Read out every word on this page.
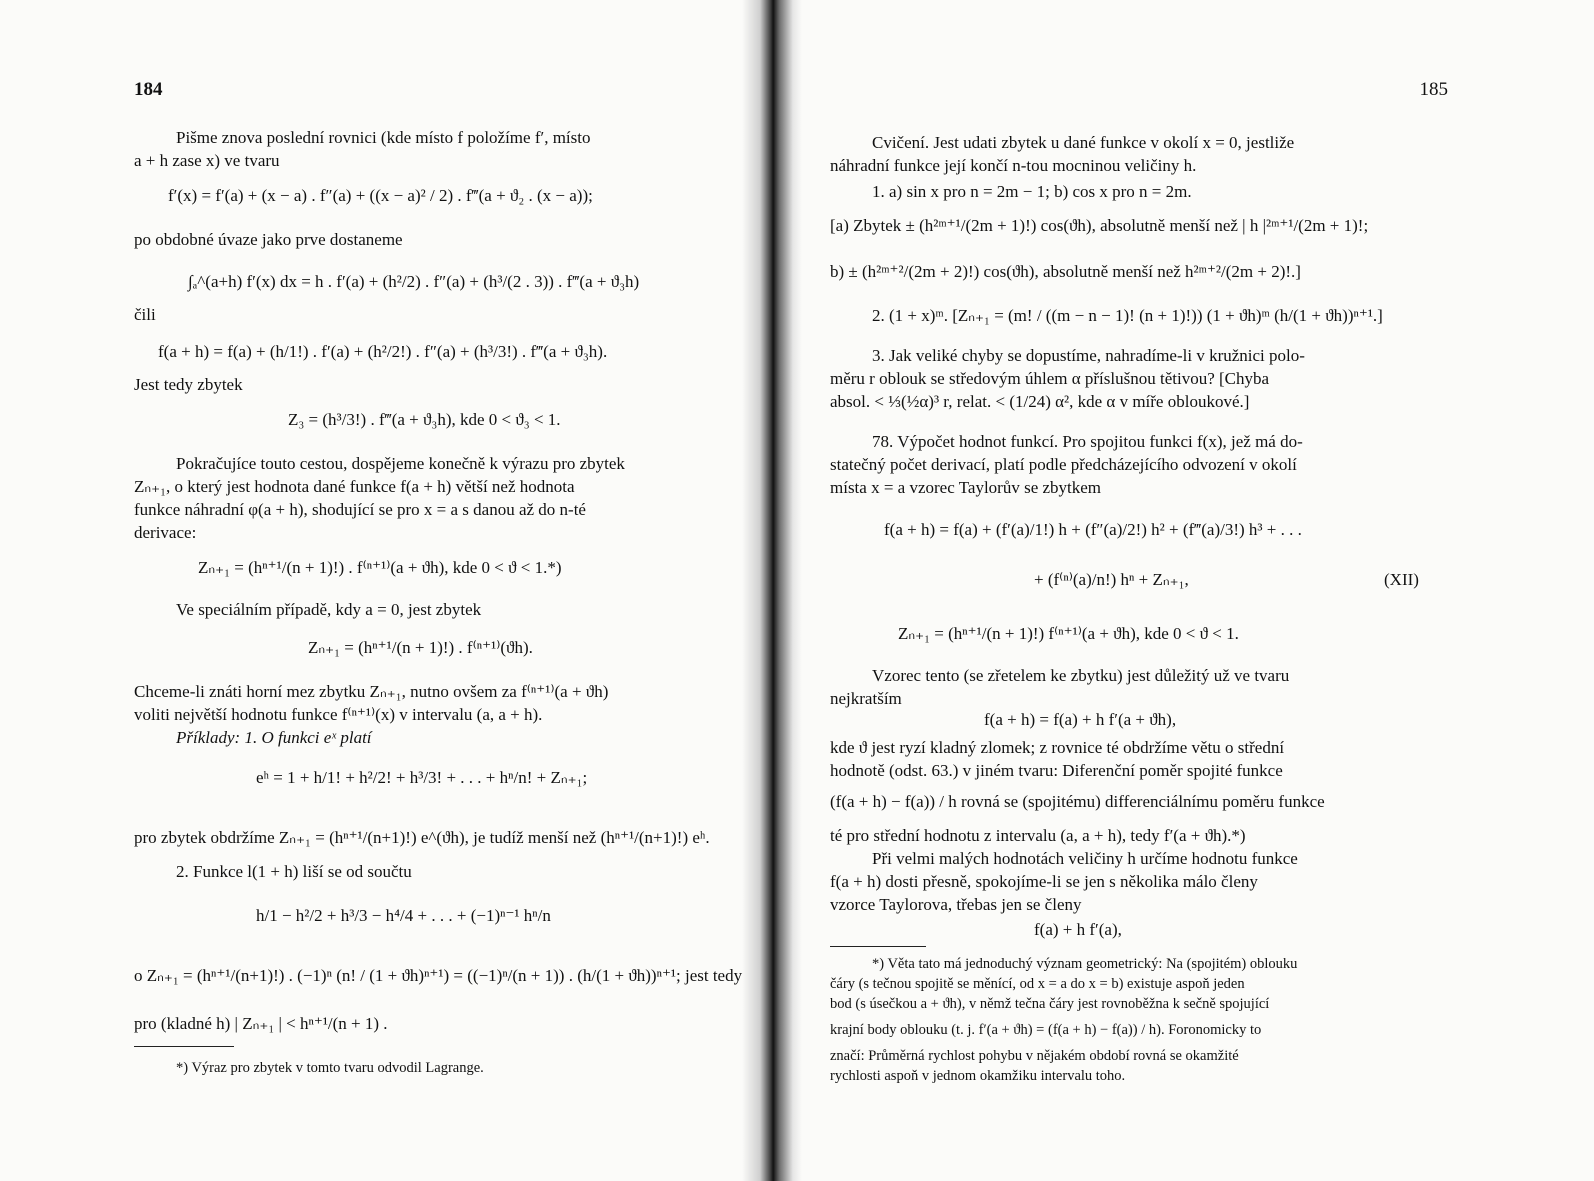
184
Pišme znova poslední rovnici (kde místo f položíme f′, místo
a + h zase x) ve tvaru
f′(x) = f′(a) + (x − a) . f″(a) + ((x − a)² / 2) . f‴(a + ϑ₂ . (x − a));
po obdobné úvaze jako prve dostaneme
∫ₐ^(a+h) f′(x) dx = h . f′(a) + (h²/2) . f″(a) + (h³/(2 . 3)) . f‴(a + ϑ₃h)
čili
f(a + h) = f(a) + (h/1!) . f′(a) + (h²/2!) . f″(a) + (h³/3!) . f‴(a + ϑ₃h).
Jest tedy zbytek
Z₃ = (h³/3!) . f‴(a + ϑ₃h), kde 0 < ϑ₃ < 1.
Pokračujíce touto cestou, dospějeme konečně k výrazu pro zbytek
Zₙ₊₁, o který jest hodnota dané funkce f(a + h) větší než hodnota
funkce náhradní φ(a + h), shodující se pro x = a s danou až do n-té
derivace:
Zₙ₊₁ = (hⁿ⁺¹/(n + 1)!) . f⁽ⁿ⁺¹⁾(a + ϑh), kde 0 < ϑ < 1.*)
Ve speciálním případě, kdy a = 0, jest zbytek
Zₙ₊₁ = (hⁿ⁺¹/(n + 1)!) . f⁽ⁿ⁺¹⁾(ϑh).
Chceme-li znáti horní mez zbytku Zₙ₊₁, nutno ovšem za f⁽ⁿ⁺¹⁾(a + ϑh)
voliti největší hodnotu funkce f⁽ⁿ⁺¹⁾(x) v intervalu (a, a + h).
Příklady: 1. O funkci eˣ platí
eʰ = 1 + h/1! + h²/2! + h³/3! + . . . + hⁿ/n! + Zₙ₊₁;
pro zbytek obdržíme Zₙ₊₁ = (hⁿ⁺¹/(n+1)!) e^(ϑh), je tudíž menší než (hⁿ⁺¹/(n+1)!) eʰ.
2. Funkce l(1 + h) liší se od součtu
h/1 − h²/2 + h³/3 − h⁴/4 + . . . + (−1)ⁿ⁻¹ hⁿ/n
o Zₙ₊₁ = (hⁿ⁺¹/(n+1)!) . (−1)ⁿ (n! / (1 + ϑh)ⁿ⁺¹) = ((−1)ⁿ/(n + 1)) . (h/(1 + ϑh))ⁿ⁺¹; jest tedy
pro (kladné h) | Zₙ₊₁ | < hⁿ⁺¹/(n + 1) .
*) Výraz pro zbytek v tomto tvaru odvodil Lagrange.
185
Cvičení. Jest udati zbytek u dané funkce v okolí x = 0, jestliže
náhradní funkce její končí n-tou mocninou veličiny h.
1. a) sin x pro n = 2m − 1; b) cos x pro n = 2m.
[a) Zbytek ± (h²ᵐ⁺¹/(2m + 1)!) cos(ϑh), absolutně menší než | h |²ᵐ⁺¹/(2m + 1)!;
b) ± (h²ᵐ⁺²/(2m + 2)!) cos(ϑh), absolutně menší než h²ᵐ⁺²/(2m + 2)!.]
2. (1 + x)ᵐ. [Zₙ₊₁ = (m! / ((m − n − 1)! (n + 1)!)) (1 + ϑh)ᵐ (h/(1 + ϑh))ⁿ⁺¹.]
3. Jak veliké chyby se dopustíme, nahradíme-li v kružnici polo-
měru r oblouk se středovým úhlem α příslušnou tětivou? [Chyba
absol. < ⅓(½α)³ r, relat. < (1/24) α², kde α v míře obloukové.]
78. Výpočet hodnot funkcí. Pro spojitou funkci f(x), jež má do-
statečný počet derivací, platí podle předcházejícího odvození v okolí
místa x = a vzorec Taylorův se zbytkem
f(a + h) = f(a) + (f′(a)/1!) h + (f″(a)/2!) h² + (f‴(a)/3!) h³ + . . .
+ (f⁽ⁿ⁾(a)/n!) hⁿ + Zₙ₊₁,	(XII)
Zₙ₊₁ = (hⁿ⁺¹/(n + 1)!) f⁽ⁿ⁺¹⁾(a + ϑh), kde 0 < ϑ < 1.
Vzorec tento (se zřetelem ke zbytku) jest důležitý už ve tvaru
nejkratším
f(a + h) = f(a) + h f′(a + ϑh),
kde ϑ jest ryzí kladný zlomek; z rovnice té obdržíme větu o střední
hodnotě (odst. 63.) v jiném tvaru: Diferenční poměr spojité funkce
(f(a + h) − f(a)) / h rovná se (spojitému) differenciálnímu poměru funkce
té pro střední hodnotu z intervalu (a, a + h), tedy f′(a + ϑh).*)
Při velmi malých hodnotách veličiny h určíme hodnotu funkce
f(a + h) dosti přesně, spokojíme-li se jen s několika málo členy
vzorce Taylorova, třebas jen se členy
f(a) + h f′(a),
*) Věta tato má jednoduchý význam geometrický: Na (spojitém) oblouku
čáry (s tečnou spojitě se měnící, od x = a do x = b) existuje aspoň jeden
bod (s úsečkou a + ϑh), v němž tečna čáry jest rovnoběžna k sečně spojující
krajní body oblouku (t. j. f′(a + ϑh) = (f(a + h) − f(a)) / h). Foronomicky to
značí: Průměrná rychlost pohybu v nějakém období rovná se okamžité
rychlosti aspoň v jednom okamžiku intervalu toho.
